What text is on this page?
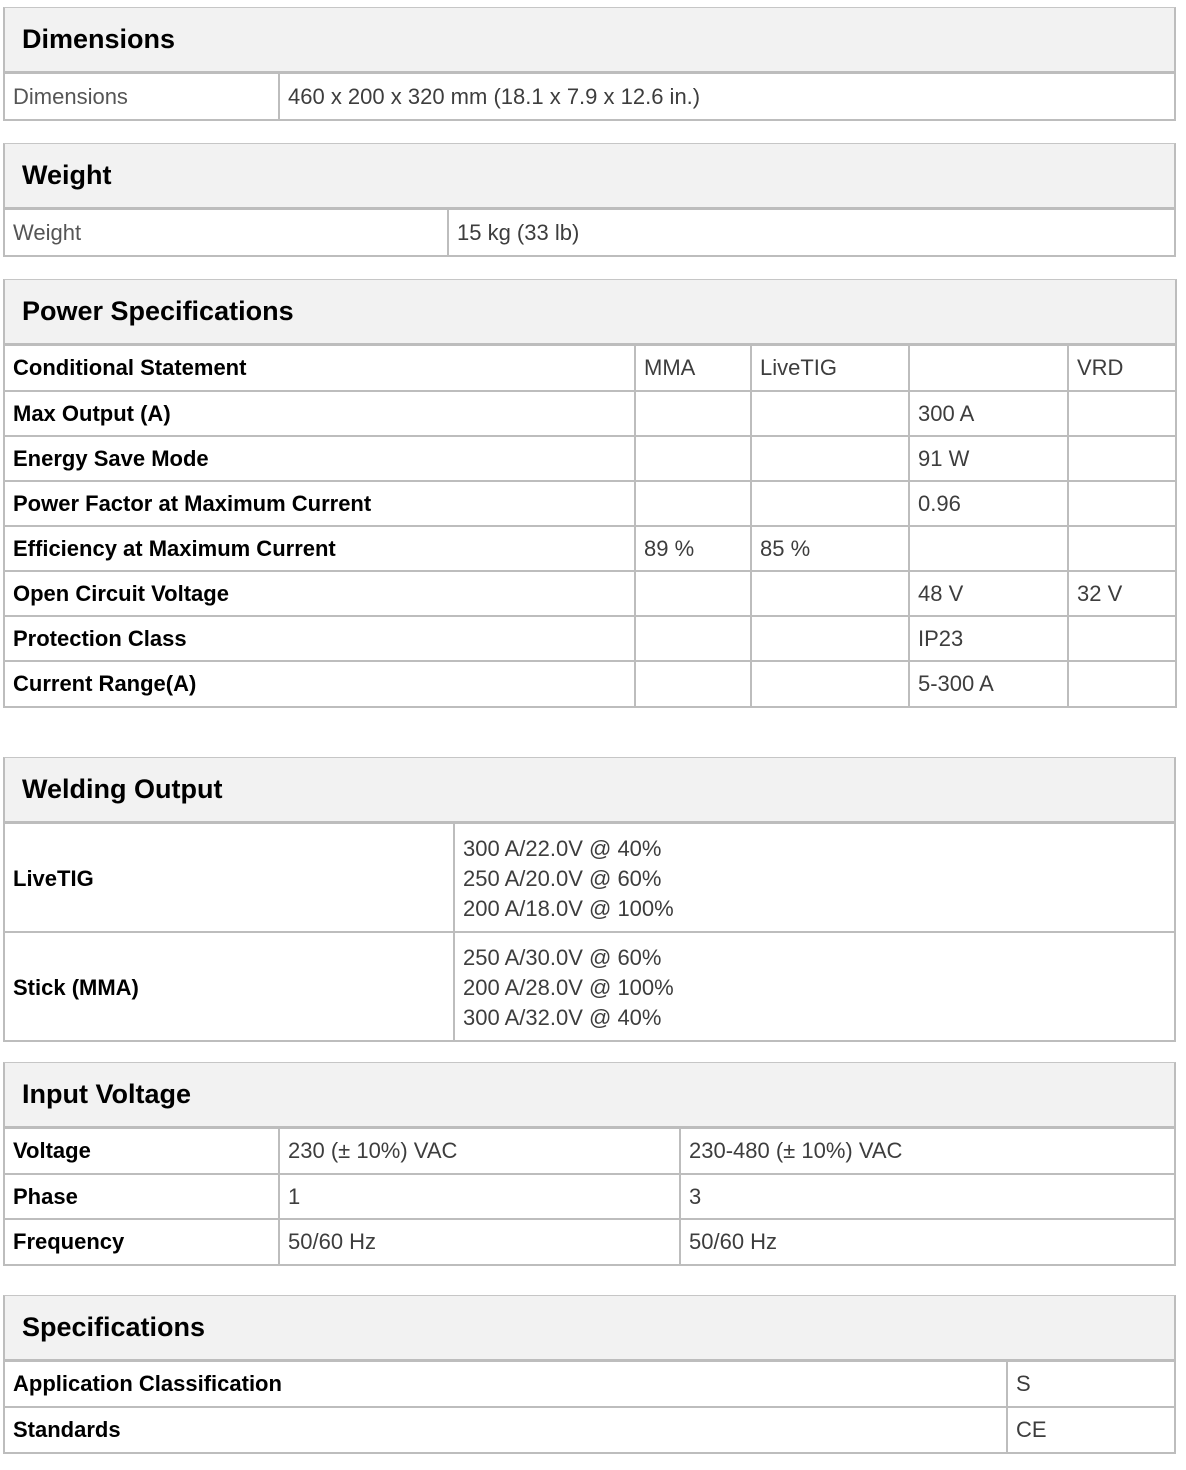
Dimensions
Dimensions	460 x 200 x 320 mm (18.1 x 7.9 x 12.6 in.)
Weight
Weight	15 kg (33 lb)
Power Specifications
Conditional Statement	MMA	LiveTIG		VRD
Max Output (A)			300 A	
Energy Save Mode			91 W	
Power Factor at Maximum Current			0.96	
Efficiency at Maximum Current	89 %	85 %		
Open Circuit Voltage			48 V	32 V
Protection Class			IP23	
Current Range(A)			5-300 A	
Welding Output
LiveTIG	300 A/22.0V @ 40%
250 A/20.0V @ 60%
200 A/18.0V @ 100%

Stick (MMA)	250 A/30.0V @ 60%
200 A/28.0V @ 100%
300 A/32.0V @ 40%
Input Voltage
Voltage	230 (± 10%) VAC	230-480 (± 10%) VAC
Phase	1	3
Frequency	50/60 Hz	50/60 Hz
Specifications
Application Classification	S
Standards	CE
